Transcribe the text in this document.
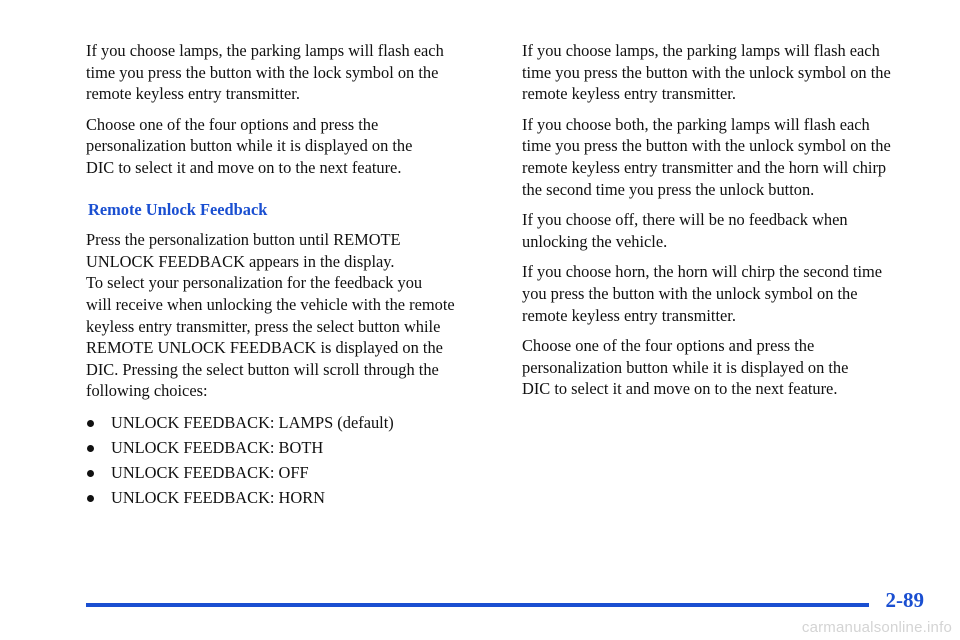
If you choose lamps, the parking lamps will flash each
time you press the button with the lock symbol on the
remote keyless entry transmitter.

Choose one of the four options and press the
personalization button while it is displayed on the
DIC to select it and move on to the next feature.

Remote Unlock Feedback

Press the personalization button until REMOTE
UNLOCK FEEDBACK appears in the display.
To select your personalization for the feedback you
will receive when unlocking the vehicle with the remote
keyless entry transmitter, press the select button while
REMOTE UNLOCK FEEDBACK is displayed on the
DIC. Pressing the select button will scroll through the
following choices:

UNLOCK FEEDBACK: LAMPS (default)
UNLOCK FEEDBACK: BOTH
UNLOCK FEEDBACK: OFF
UNLOCK FEEDBACK: HORN

If you choose lamps, the parking lamps will flash each
time you press the button with the unlock symbol on the
remote keyless entry transmitter.

If you choose both, the parking lamps will flash each
time you press the button with the unlock symbol on the
remote keyless entry transmitter and the horn will chirp
the second time you press the unlock button.

If you choose off, there will be no feedback when
unlocking the vehicle.

If you choose horn, the horn will chirp the second time
you press the button with the unlock symbol on the
remote keyless entry transmitter.

Choose one of the four options and press the
personalization button while it is displayed on the
DIC to select it and move on to the next feature.

2-89
carmanualsonline.info
